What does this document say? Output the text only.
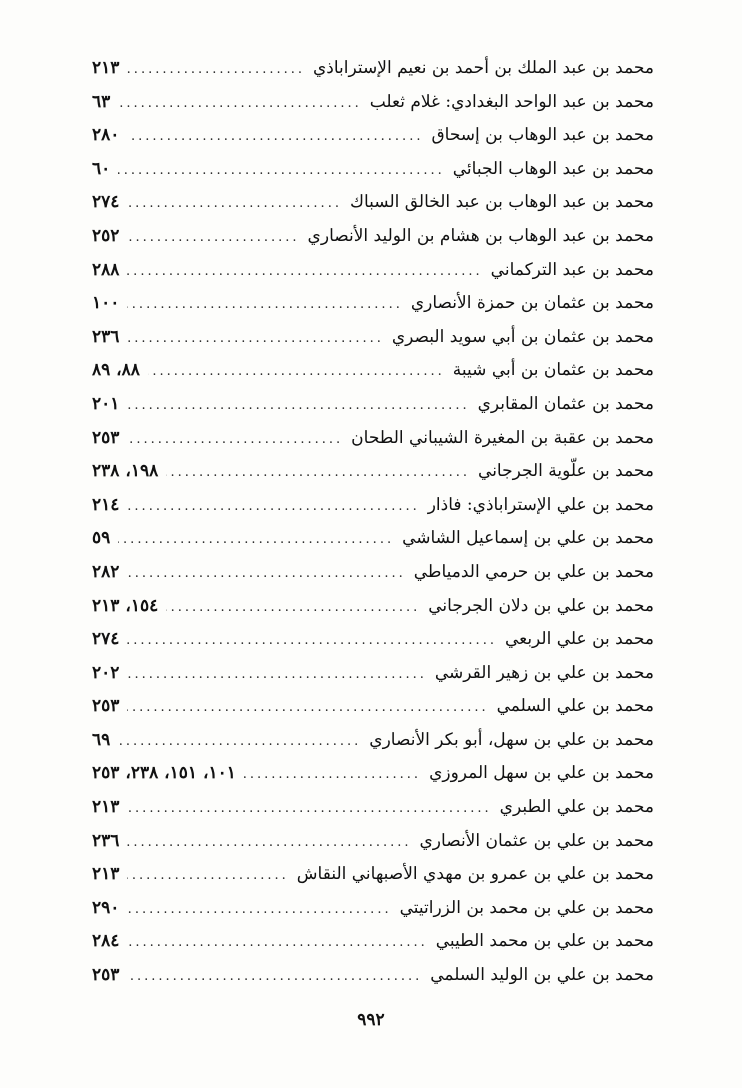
محمد بن عبد الملك بن أحمد بن نعيم الإستراباذي
.....
٢١٣
محمد بن عبد الواحد البغدادي: غلام ثعلب
.....
٦٣
محمد بن عبد الوهاب بن إسحاق
.....
٢٨٠
محمد بن عبد الوهاب الجبائي
.....
٦٠
محمد بن عبد الوهاب بن عبد الخالق السباك
.....
٢٧٤
محمد بن عبد الوهاب بن هشام بن الوليد الأنصاري
.....
٢٥٢
محمد بن عبد التركماني
.....
٢٨٨
محمد بن عثمان بن حمزة الأنصاري
.....
١٠٠
محمد بن عثمان بن أبي سويد البصري
.....
٢٣٦
محمد بن عثمان بن أبي شيبة
.....
٨٨، ٨٩
محمد بن عثمان المقابري
.....
٢٠١
محمد بن عقبة بن المغيرة الشيباني الطحان
.....
٢٥٣
محمد بن علّوية الجرجاني
.....
١٩٨، ٢٣٨
محمد بن علي الإستراباذي: فاذار
.....
٢١٤
محمد بن علي بن إسماعيل الشاشي
.....
٥٩
محمد بن علي بن حرمي الدمياطي
.....
٢٨٢
محمد بن علي بن دلان الجرجاني
.....
١٥٤، ٢١٣
محمد بن علي الربعي
.....
٢٧٤
محمد بن علي بن زهير القرشي
.....
٢٠٢
محمد بن علي السلمي
.....
٢٥٣
محمد بن علي بن سهل، أبو بكر الأنصاري
.....
٦٩
محمد بن علي بن سهل المروزي
.....
١٠١، ١٥١، ٢٣٨، ٢٥٣
محمد بن علي الطبري
.....
٢١٣
محمد بن علي بن عثمان الأنصاري
.....
٢٣٦
محمد بن علي بن عمرو بن مهدي الأصبهاني النقاش
.....
٢١٣
محمد بن علي بن محمد بن الزراتيتي
.....
٢٩٠
محمد بن علي بن محمد الطيبي
.....
٢٨٤
محمد بن علي بن الوليد السلمي
.....
٢٥٣
٩٩٢
